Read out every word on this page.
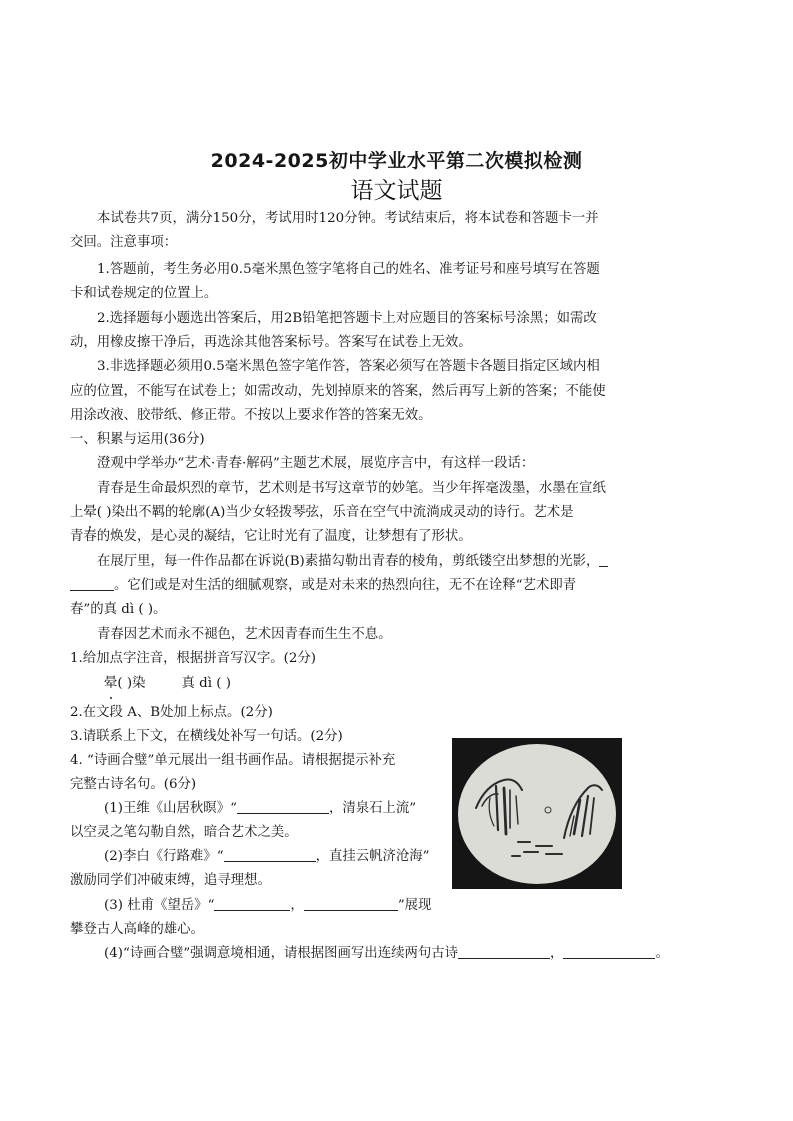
2024-2025初中学业水平第二次模拟检测
语文试题
本试卷共7页，满分150分，考试用时120分钟。考试结束后，将本试卷和答题卡一并
交回。注意事项：
1.答题前，考生务必用0.5毫米黑色签字笔将自己的姓名、准考证号和座号填写在答题
卡和试卷规定的位置上。
2.选择题每小题选出答案后，用2B铅笔把答题卡上对应题目的答案标号涂黑；如需改
动，用橡皮擦干净后，再选涂其他答案标号。答案写在试卷上无效。
3.非选择题必须用0.5毫米黑色签字笔作答，答案必须写在答题卡各题目指定区域内相
应的位置，不能写在试卷上；如需改动，先划掉原来的答案，然后再写上新的答案；不能使
用涂改液、胶带纸、修正带。不按以上要求作答的答案无效。
一、积累与运用(36分)
澄观中学举办“艺术·青春·解码”主题艺术展，展览序言中，有这样一段话：
青春是生命最炽烈的章节，艺术则是书写这章节的妙笔。当少年挥毫泼墨，水墨在宣纸
上晕( )染出不羁的轮廓(A)当少女轻拨琴弦，乐音在空气中流淌成灵动的诗行。艺术是
青春的焕发，是心灵的凝结，它让时光有了温度，让梦想有了形状。
在展厅里，每一件作品都在诉说(B)素描勾勒出青春的棱角，剪纸镂空出梦想的光影，
。它们或是对生活的细腻观察，或是对未来的热烈向往，无不在诠释“艺术即青
春”的真 dì ( )。
青春因艺术而永不褪色，艺术因青春而生生不息。
1.给加点字注音，根据拼音写汉字。(2分)
晕( )染	真 dì ( )
2.在文段 A、B处加上标点。(2分)
3.请联系上下文，在横线处补写一句话。(2分)
4. “诗画合璧”单元展出一组书画作品。请根据提示补充
完整古诗名句。(6分)
(1)王维《山居秋暝》“	，清泉石上流”
以空灵之笔勾勒自然，暗合艺术之美。
(2)李白《行路难》“	，直挂云帆济沧海”
激励同学们冲破束缚，追寻理想。
(3) 杜甫《望岳》“	，	”展现
攀登古人高峰的雄心。
(4)“诗画合璧”强调意境相通，请根据图画写出连续两句古诗	，	。
